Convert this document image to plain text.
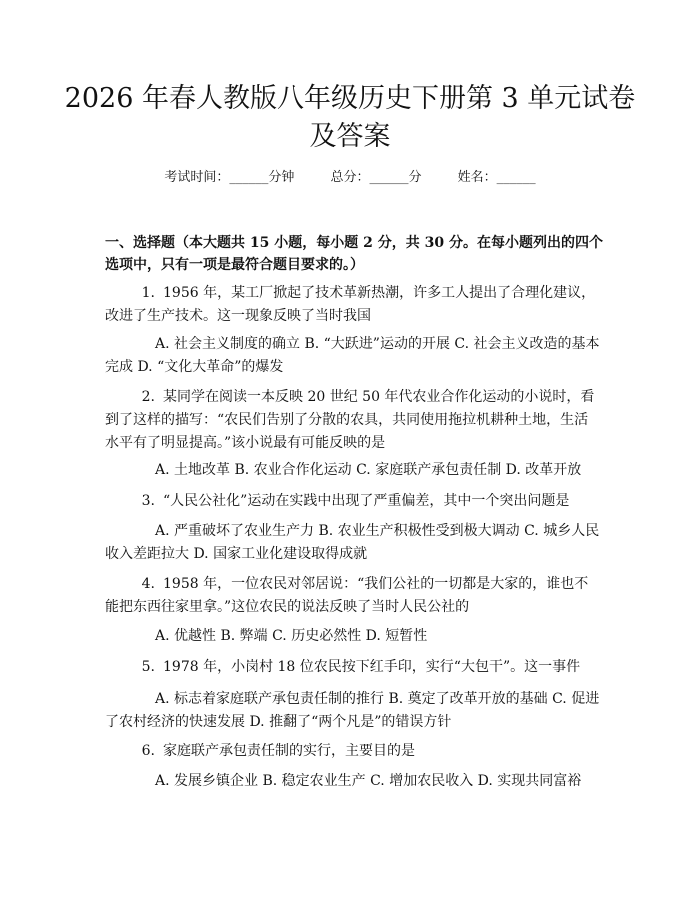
2026 年春人教版八年级历史下册第 3 单元试卷及答案
考试时间：______分钟	总分：______分	姓名：______
一、选择题（本大题共 15 小题，每小题 2 分，共 30 分。在每小题列出的四个选项中，只有一项是最符合题目要求的。）
1. 1956 年，某工厂掀起了技术革新热潮，许多工人提出了合理化建议，改进了生产技术。这一现象反映了当时我国
A. 社会主义制度的确立 B. “大跃进”运动的开展 C. 社会主义改造的基本完成 D. “文化大革命”的爆发
2. 某同学在阅读一本反映 20 世纪 50 年代农业合作化运动的小说时，看到了这样的描写：“农民们告别了分散的农具，共同使用拖拉机耕种土地，生活水平有了明显提高。”该小说最有可能反映的是
A. 土地改革 B. 农业合作化运动 C. 家庭联产承包责任制 D. 改革开放
3. “人民公社化”运动在实践中出现了严重偏差，其中一个突出问题是
A. 严重破坏了农业生产力 B. 农业生产积极性受到极大调动 C. 城乡人民收入差距拉大 D. 国家工业化建设取得成就
4. 1958 年，一位农民对邻居说：“我们公社的一切都是大家的，谁也不能把东西往家里拿。”这位农民的说法反映了当时人民公社的
A. 优越性 B. 弊端 C. 历史必然性 D. 短暂性
5. 1978 年，小岗村 18 位农民按下红手印，实行“大包干”。这一事件
A. 标志着家庭联产承包责任制的推行 B. 奠定了改革开放的基础 C. 促进了农村经济的快速发展 D. 推翻了“两个凡是”的错误方针
6. 家庭联产承包责任制的实行，主要目的是
A. 发展乡镇企业 B. 稳定农业生产 C. 增加农民收入 D. 实现共同富裕
